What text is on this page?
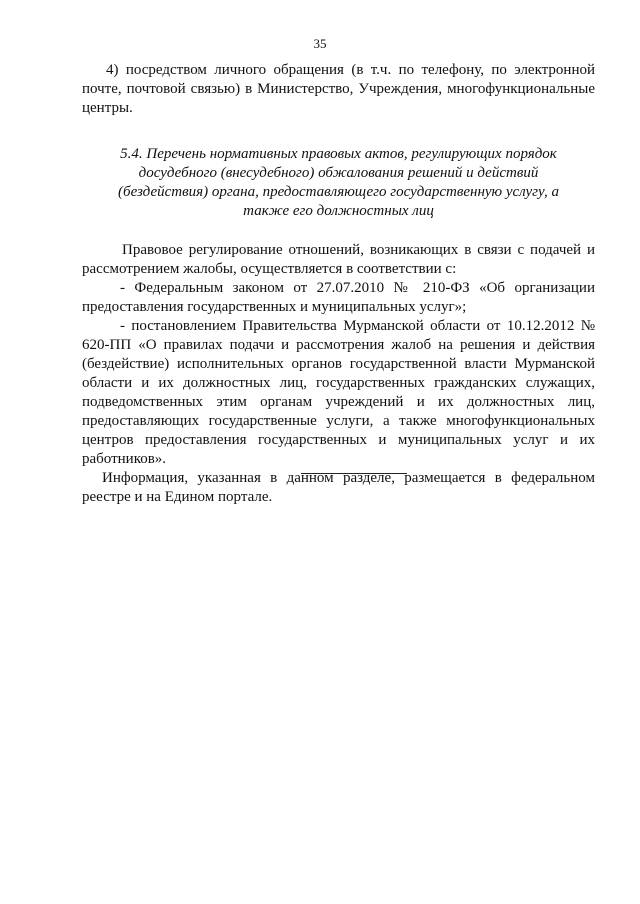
35

4) посредством личного обращения (в т.ч. по телефону, по электронной почте, почтовой связью) в Министерство, Учреждения, многофункциональные центры.

5.4. Перечень нормативных правовых актов, регулирующих порядок досудебного (внесудебного) обжалования решений и действий (бездействия) органа, предоставляющего государственную услугу, а также его должностных лиц

Правовое регулирование отношений, возникающих в связи с подачей и рассмотрением жалобы, осуществляется в соответствии с:

- Федеральным законом от 27.07.2010 № 210-ФЗ «Об организации предоставления государственных и муниципальных услуг»;

- постановлением Правительства Мурманской области от 10.12.2012 № 620-ПП «О правилах подачи и рассмотрения жалоб на решения и действия (бездействие) исполнительных органов государственной власти Мурманской области и их должностных лиц, государственных гражданских служащих, подведомственных этим органам учреждений и их должностных лиц, предоставляющих государственные услуги, а также многофункциональных центров предоставления государственных и муниципальных услуг и их работников».

Информация, указанная в данном разделе, размещается в федеральном реестре и на Едином портале.
